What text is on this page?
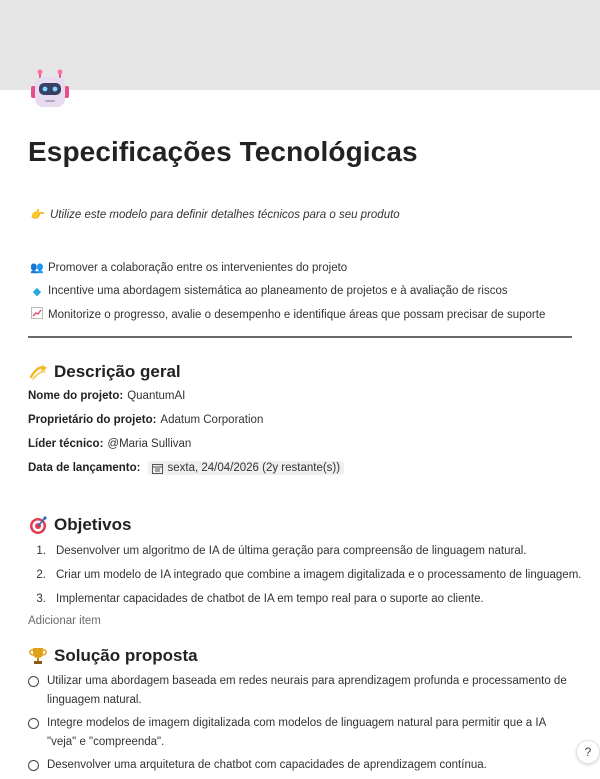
Especificações Tecnológicas
👉 Utilize este modelo para definir detalhes técnicos para o seu produto
👥 Promover a colaboração entre os intervenientes do projeto
◆ Incentive uma abordagem sistemática ao planeamento de projetos e à avaliação de riscos
Monitorize o progresso, avalie o desempenho e identifique áreas que possam precisar de suporte
Descrição geral
Nome do projeto: QuantumAI
Proprietário do projeto: Adatum Corporation
Líder técnico: @Maria Sullivan
Data de lançamento: sexta, 24/04/2026 (2y restante(s))
Objetivos
1. Desenvolver um algoritmo de IA de última geração para compreensão de linguagem natural.
2. Criar um modelo de IA integrado que combine a imagem digitalizada e o processamento de linguagem.
3. Implementar capacidades de chatbot de IA em tempo real para o suporte ao cliente.
Adicionar item
Solução proposta
Utilizar uma abordagem baseada em redes neurais para aprendizagem profunda e processamento de linguagem natural.
Integre modelos de imagem digitalizada com modelos de linguagem natural para permitir que a IA "veja" e "compreenda".
Desenvolver uma arquitetura de chatbot com capacidades de aprendizagem contínua.
?
